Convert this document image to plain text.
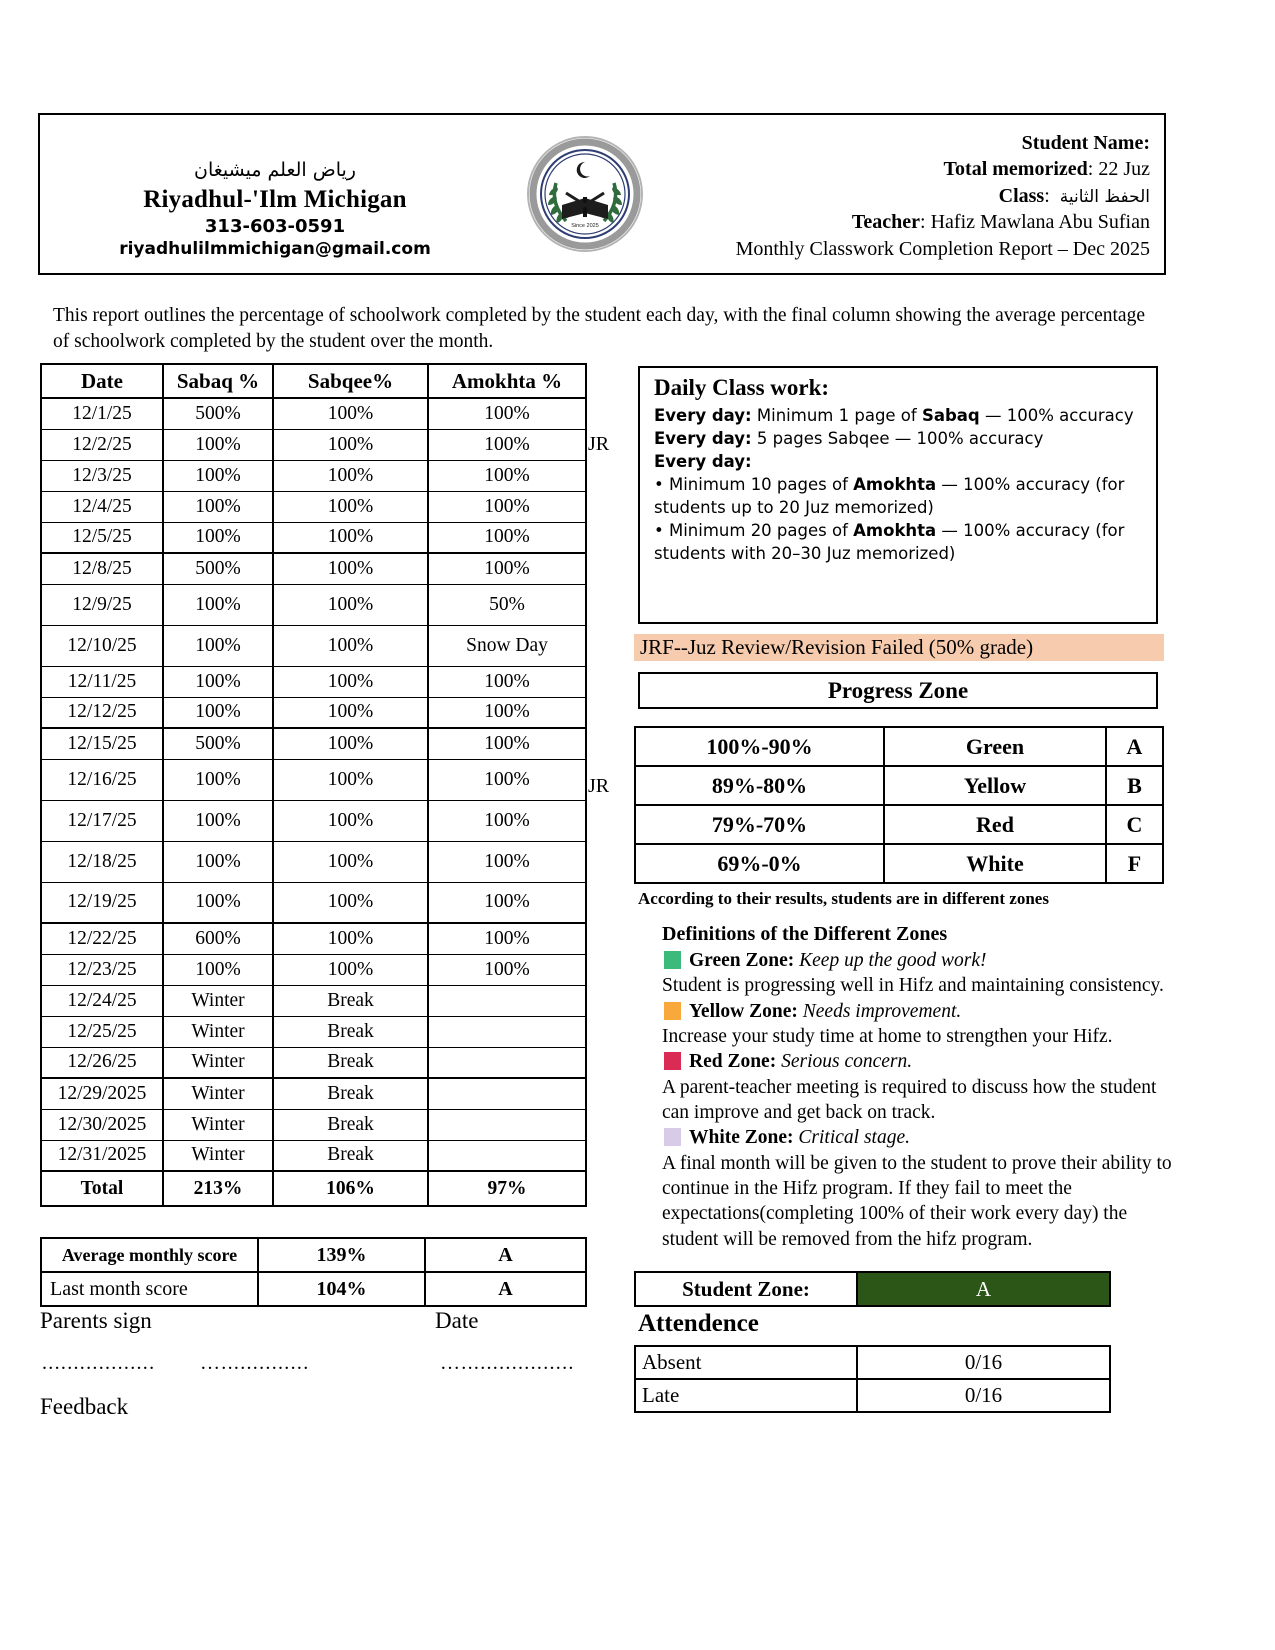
رياض العلم ميشيغان
Riyadhul-'Ilm Michigan
313-603-0591
riyadhulilmmichigan@gmail.com
Since 2025
Student Name:
Total memorized: 22 Juz
Class:  الحفظ الثانية
Teacher: Hafiz Mawlana Abu Sufian
Monthly Classwork Completion Report – Dec 2025
This report outlines the percentage of schoolwork completed by the student each day, with the final column showing the average percentage of schoolwork completed by the student over the month.
Date	Sabaq %	Sabqee%	Amokhta %
12/1/25	500%	100%	100%
12/2/25	100%	100%	100%
12/3/25	100%	100%	100%
12/4/25	100%	100%	100%
12/5/25	100%	100%	100%
12/8/25	500%	100%	100%
12/9/25	100%	100%	50%
12/10/25	100%	100%	Snow Day
12/11/25	100%	100%	100%
12/12/25	100%	100%	100%
12/15/25	500%	100%	100%
12/16/25	100%	100%	100%
12/17/25	100%	100%	100%
12/18/25	100%	100%	100%
12/19/25	100%	100%	100%
12/22/25	600%	100%	100%
12/23/25	100%	100%	100%
12/24/25	Winter	Break	
12/25/25	Winter	Break	
12/26/25	Winter	Break	
12/29/2025	Winter	Break	
12/30/2025	Winter	Break	
12/31/2025	Winter	Break	
Total	213%	106%	97%
JR
JR
Average monthly score	139%	A
Last month score	104%	A
Parents sign	Date
.................. …..............	…..................
Feedback
Daily Class work:
Every day: Minimum 1 page of Sabaq — 100% accuracy
Every day: 5 pages Sabqee — 100% accuracy
Every day:
• Minimum 10 pages of Amokhta — 100% accuracy (for students up to 20 Juz memorized)
• Minimum 20 pages of Amokhta — 100% accuracy (for students with 20–30 Juz memorized)
JRF--Juz Review/Revision Failed (50% grade)
Progress Zone
100%-90%	Green	A
89%-80%	Yellow	B
79%-70%	Red	C
69%-0%	White	F
According to their results, students are in different zones
Definitions of the Different Zones
Green Zone: Keep up the good work!
Student is progressing well in Hifz and maintaining consistency.
Yellow Zone: Needs improvement.
Increase your study time at home to strengthen your Hifz.
Red Zone: Serious concern.
A parent-teacher meeting is required to discuss how the student can improve and get back on track.
White Zone: Critical stage.
A final month will be given to the student to prove their ability to continue in the Hifz program. If they fail to meet the expectations(completing 100% of their work every day) the student will be removed from the hifz program.
Student Zone:	A
Attendence
Absent	0/16
Late	0/16
